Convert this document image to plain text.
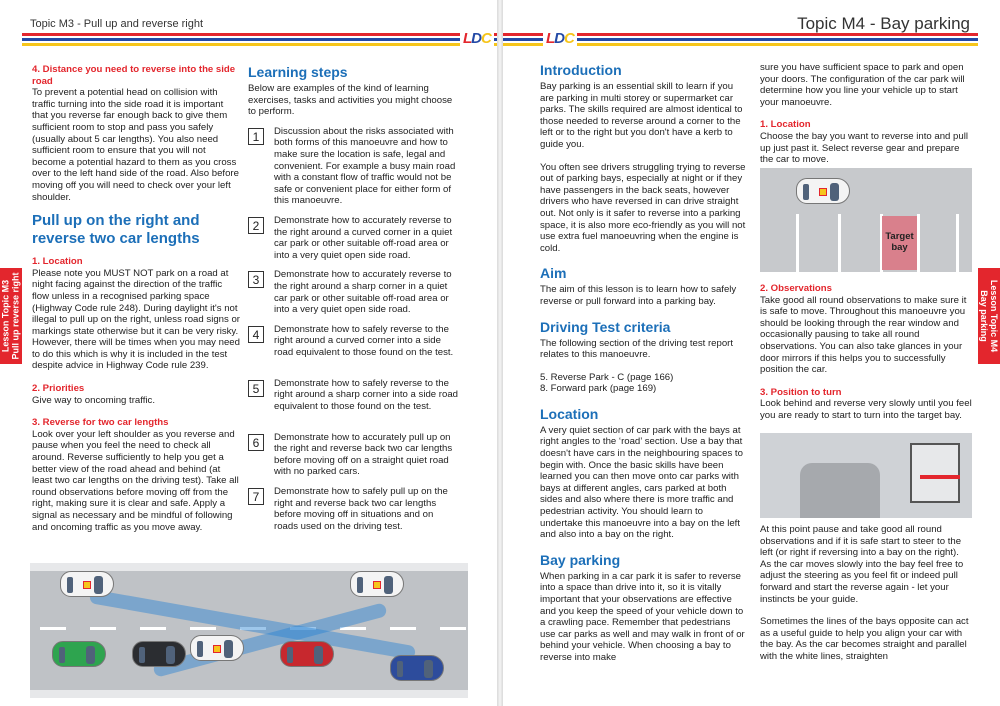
Topic M3 - Pull up and reverse right
LDC
Lesson Topic M3
Pull up reverse right
4. Distance you need to reverse into the side road

To prevent a potential head on collision with traffic turning into the side road it is important that you reverse far enough back to give them sufficient room to stop and pass you safely (usually about 5 car lengths). You also need sufficient room to ensure that you will not become a potential hazard to them as you cross over to the left hand side of the road. Also before moving off you will need to check over your left shoulder.

Pull up on the right and reverse two car lengths
1. Location

Please note you MUST NOT park on a road at night facing against the direction of the traffic flow unless in a recognised parking space (Highway Code rule 248). During daylight it's not illegal to pull up on the right, unless road signs or markings state otherwise but it can be very risky. However, there will be times when you may need to do this which is why it is included in the test despite advice in Highway Code rule 239.

2. Priorities

Give way to oncoming traffic.

3. Reverse for two car lengths

Look over your left shoulder as you reverse and pause when you feel the need to check all around. Reverse sufficiently to help you get a better view of the road ahead and behind (at least two car lengths on the driving test). Take all round observations before moving off from the right, making sure it is clear and safe. Apply a signal as necessary and be mindful of following and oncoming traffic as you move away.

Learning steps

Below are examples of the kind of learning exercises, tasks and activities you might choose to perform.

1	Discussion about the risks associated with both forms of this manoeuvre and how to make sure the location is safe, legal and convenient. For example a busy main road with a constant flow of traffic would not be safe or convenient place for either form of this manoeuvre.
2	Demonstrate how to accurately reverse to the right around a curved corner in a quiet car park or other suitable off-road area or into a very quiet open side road.
3	Demonstrate how to accurately reverse to the right around a sharp corner in a quiet car park or other suitable off-road area or into a very quiet open side road.
4	Demonstrate how to safely reverse to the right around a curved corner into a side road equivalent to those found on the test.
5	Demonstrate how to safely reverse to the right around a sharp corner into a side road equivalent to those found on the test.
6	Demonstrate how to accurately pull up on the right and reverse back two car lengths before moving off on a straight quiet road with no parked cars.
7	Demonstrate how to safely pull up on the right and reverse back two car lengths before moving off in situations and on roads used on the driving test.
Topic M4 - Bay parking
LDC
Lesson Topic M4
Bay parking
Introduction

Bay parking is an essential skill to learn if you are parking in multi storey or supermarket car parks. The skills required are almost identical to those needed to reverse around a corner to the left or to the right but you don't have a kerb to guide you.

You often see drivers struggling trying to reverse out of parking bays, especially at night or if they have passengers in the back seats, however drivers who have reversed in can drive straight out. Not only is it safer to reverse into a parking space, it is also more eco-friendly as you will not use extra fuel manoeuvring when the engine is cold.

Aim

The aim of this lesson is to learn how to safely reverse or pull forward into a parking bay.

Driving Test criteria

The following section of the driving test report relates to this manoeuvre.

5. Reverse Park - C (page 166)

8. Forward park (page 169)

Location

A very quiet section of car park with the bays at right angles to the ‘road’ section. Use a bay that doesn't have cars in the neighbouring spaces to begin with. Once the basic skills have been learned you can then move onto car parks with bays at different angles, cars parked at both sides and also where there is more traffic and pedestrian activity. You should learn to undertake this manoeuvre into a bay on the left and also into a bay on the right.

Bay parking

When parking in a car park it is safer to reverse into a space than drive into it, so it is vitally important that your observations are effective and you keep the speed of your vehicle down to a crawling pace. Remember that pedestrians use car parks as well and may walk in front of or behind your vehicle. When choosing a bay to reverse into make

sure you have sufficient space to park and open your doors. The configuration of the car park will determine how you line your vehicle up to start your manoeuvre.

1. Location

Choose the bay you want to reverse into and pull up just past it. Select reverse gear and prepare the car to move.

Target bay
2. Observations

Take good all round observations to make sure it is safe to move. Throughout this manoeuvre you should be looking through the rear window and occasionally pausing to take all round observations. You can also take glances in your door mirrors if this helps you to successfully position the car.

3. Position to turn

Look behind and reverse very slowly until you feel you are ready to start to turn into the target bay.

At this point pause and take good all round observations and if it is safe start to steer to the left (or right if reversing into a bay on the right). As the car moves slowly into the bay feel free to adjust the steering as you feel fit or indeed pull forward and start the reverse again - let your instincts be your guide.

Sometimes the lines of the bays opposite can act as a useful guide to help you align your car with the bay. As the car becomes straight and parallel with the white lines, straighten
